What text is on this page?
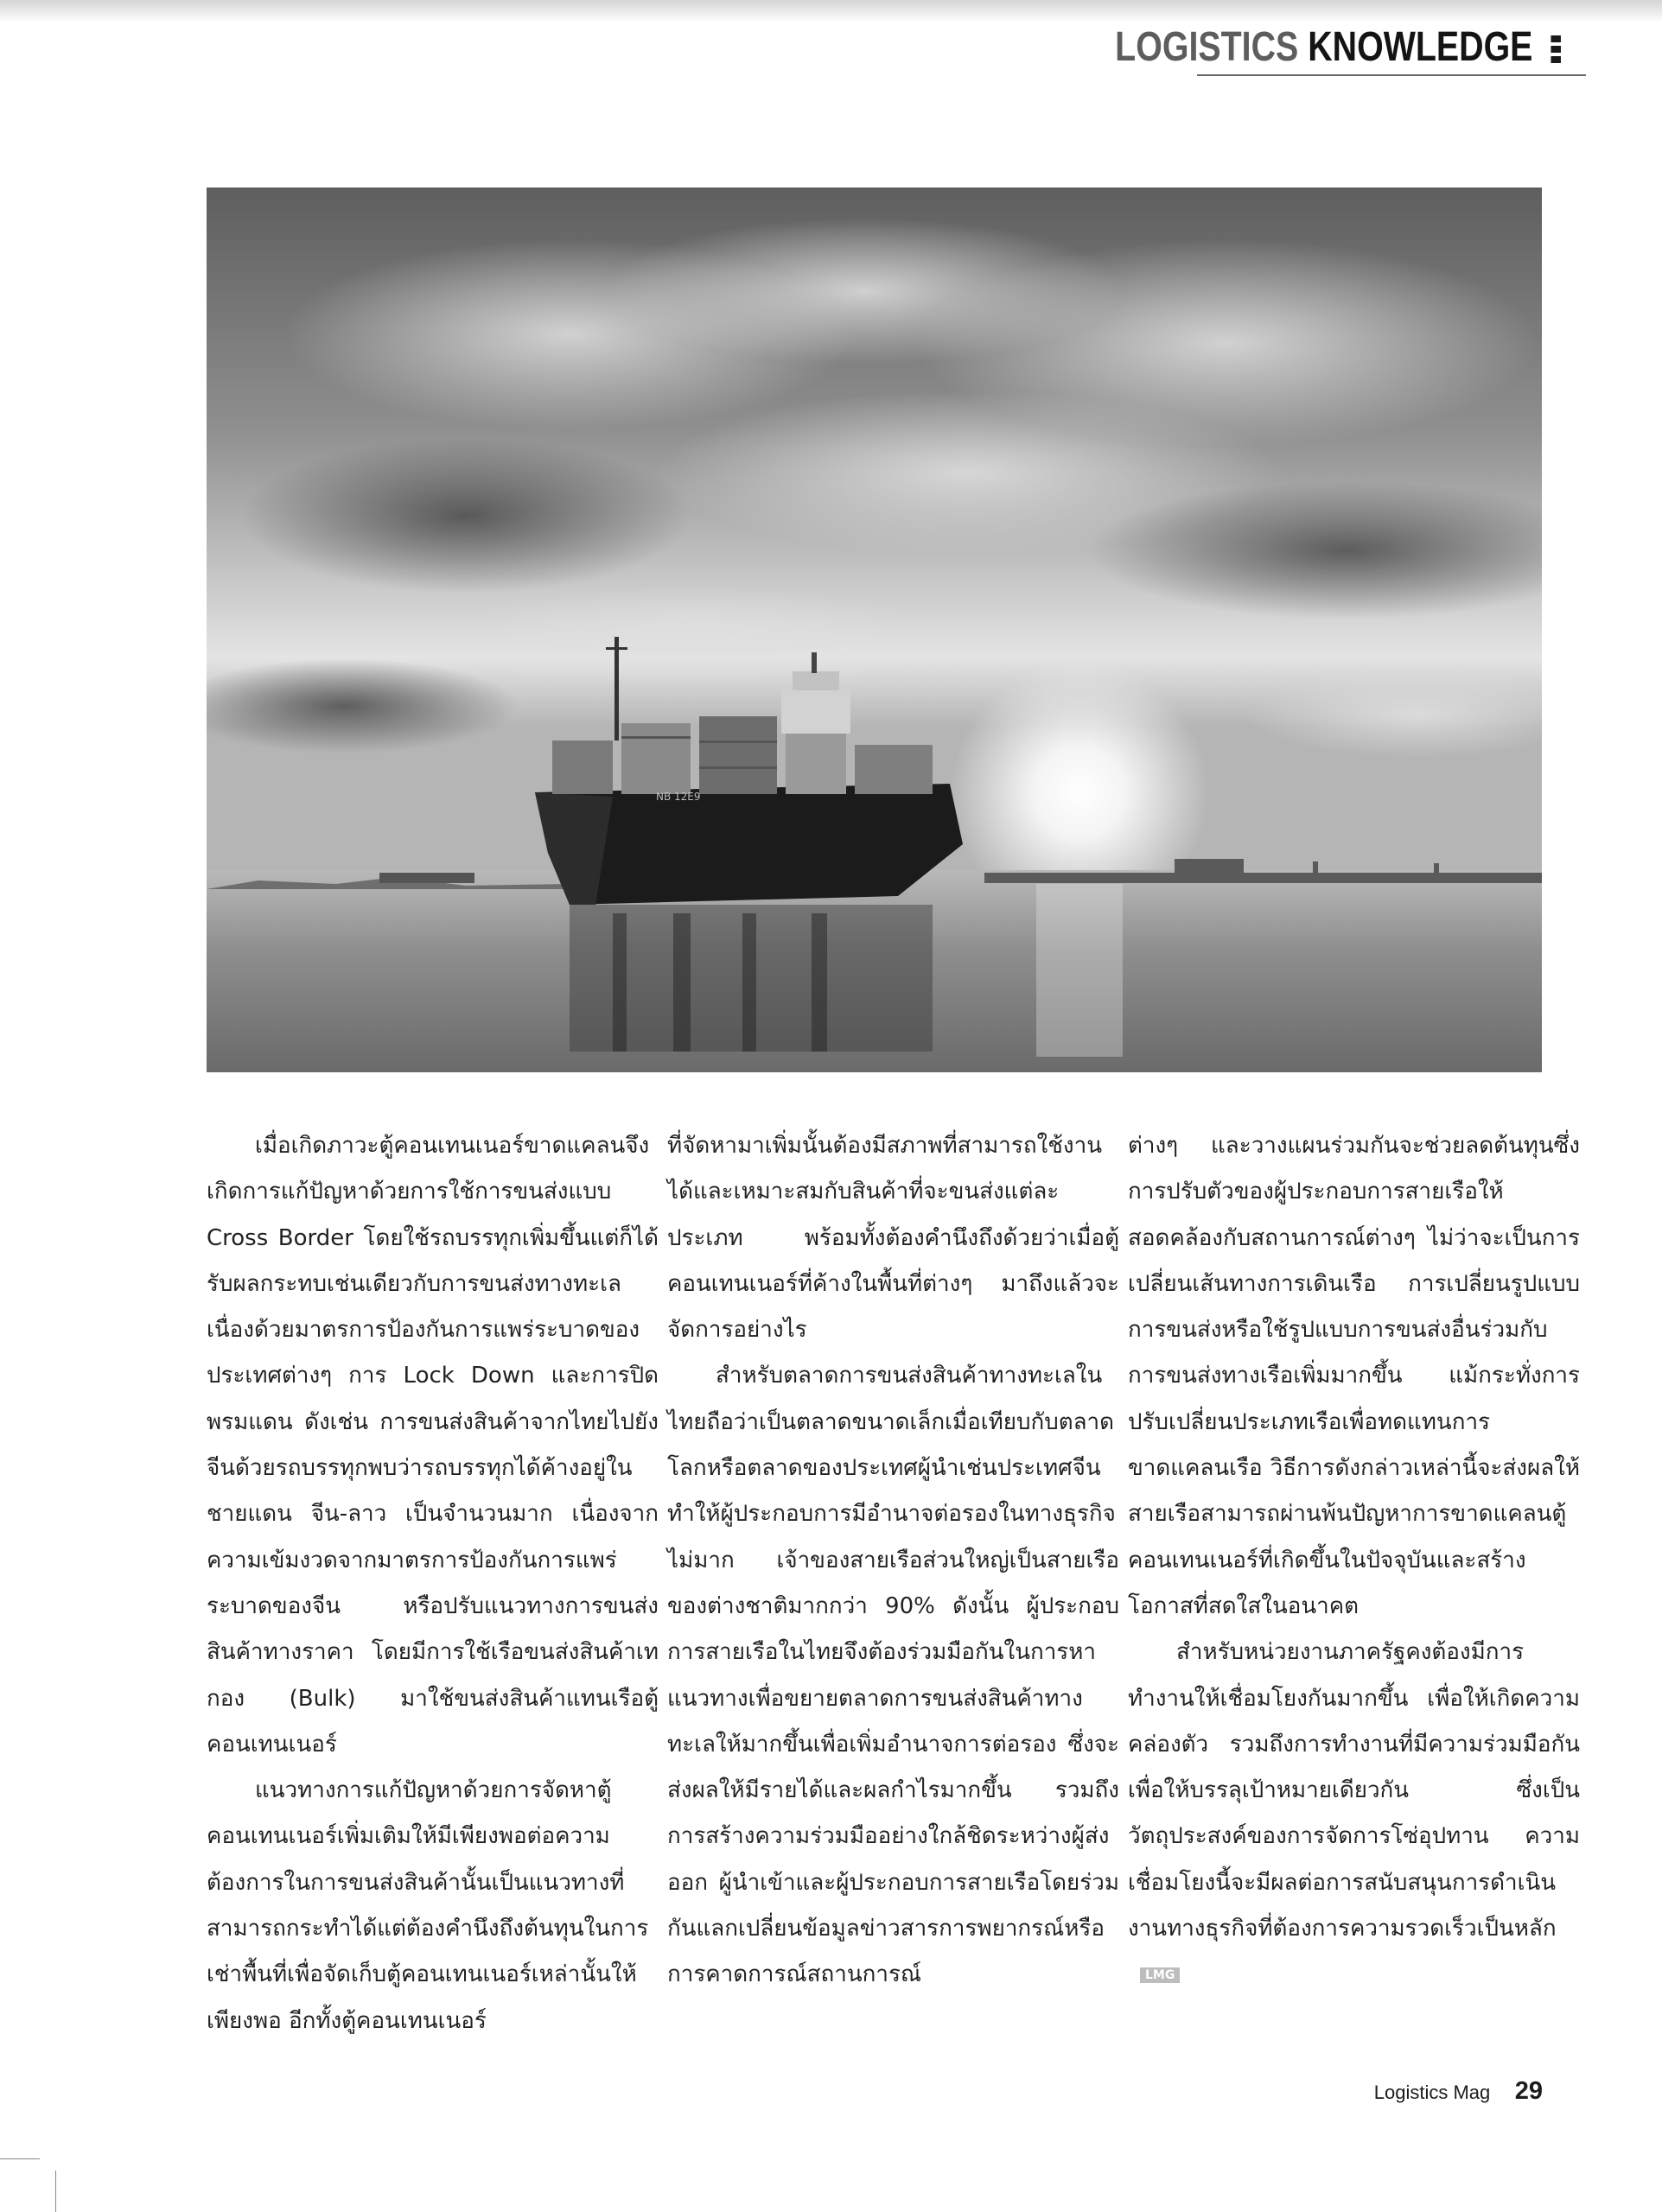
LOGISTICS KNOWLEDGE
NB 12E9

เมื่อเกิดภาวะตู้คอนเทนเนอร์ขาดแคลนจึงเกิดการแก้ปัญหาด้วยการใช้การขนส่งแบบ Cross Border โดยใช้รถบรรทุกเพิ่มขึ้นแต่ก็ได้รับผลกระทบเช่นเดียวกับการขนส่งทางทะเล เนื่องด้วยมาตรการป้องกันการแพร่ระบาดของประเทศต่างๆ การ Lock Down และการปิดพรมแดน ดังเช่น การขนส่งสินค้าจากไทยไปยังจีนด้วยรถบรรทุกพบว่ารถบรรทุกได้ค้างอยู่ในชายแดน จีน-ลาว เป็นจำนวนมาก เนื่องจากความเข้มงวดจากมาตรการป้องกันการแพร่ระบาดของจีน หรือปรับแนวทางการขนส่งสินค้าทางราคา โดยมีการใช้เรือขนส่งสินค้าเทกอง (Bulk) มาใช้ขนส่งสินค้าแทนเรือตู้คอนเทนเนอร์

แนวทางการแก้ปัญหาด้วยการจัดหาตู้คอนเทนเนอร์เพิ่มเติมให้มีเพียงพอต่อความต้องการในการขนส่งสินค้านั้นเป็นแนวทางที่สามารถกระทำได้แต่ต้องคำนึงถึงต้นทุนในการเช่าพื้นที่เพื่อจัดเก็บตู้คอนเทนเนอร์เหล่านั้นให้เพียงพอ อีกทั้งตู้คอนเทนเนอร์

ที่จัดหามาเพิ่มนั้นต้องมีสภาพที่สามารถใช้งานได้และเหมาะสมกับสินค้าที่จะขนส่งแต่ละประเภท พร้อมทั้งต้องคำนึงถึงด้วยว่าเมื่อตู้คอนเทนเนอร์ที่ค้างในพื้นที่ต่างๆ มาถึงแล้วจะจัดการอย่างไร

สำหรับตลาดการขนส่งสินค้าทางทะเลในไทยถือว่าเป็นตลาดขนาดเล็กเมื่อเทียบกับตลาดโลกหรือตลาดของประเทศผู้นำเช่นประเทศจีน ทำให้ผู้ประกอบการมีอำนาจต่อรองในทางธุรกิจไม่มาก เจ้าของสายเรือส่วนใหญ่เป็นสายเรือของต่างชาติมากกว่า 90% ดังนั้น ผู้ประกอบการสายเรือในไทยจึงต้องร่วมมือกันในการหาแนวทางเพื่อขยายตลาดการขนส่งสินค้าทางทะเลให้มากขึ้นเพื่อเพิ่มอำนาจการต่อรอง ซึ่งจะส่งผลให้มีรายได้และผลกำไรมากขึ้น รวมถึงการสร้างความร่วมมืออย่างใกล้ชิดระหว่างผู้ส่งออก ผู้นำเข้าและผู้ประกอบการสายเรือโดยร่วมกันแลกเปลี่ยนข้อมูลข่าวสารการพยากรณ์หรือการคาดการณ์สถานการณ์

ต่างๆ และวางแผนร่วมกันจะช่วยลดต้นทุนซึ่งการปรับตัวของผู้ประกอบการสายเรือให้สอดคล้องกับสถานการณ์ต่างๆ ไม่ว่าจะเป็นการเปลี่ยนเส้นทางการเดินเรือ การเปลี่ยนรูปแบบการขนส่งหรือใช้รูปแบบการขนส่งอื่นร่วมกับการขนส่งทางเรือเพิ่มมากขึ้น แม้กระทั่งการปรับเปลี่ยนประเภทเรือเพื่อทดแทนการขาดแคลนเรือ วิธีการดังกล่าวเหล่านี้จะส่งผลให้สายเรือสามารถผ่านพ้นปัญหาการขาดแคลนตู้คอนเทนเนอร์ที่เกิดขึ้นในปัจจุบันและสร้างโอกาสที่สดใสในอนาคต

สำหรับหน่วยงานภาครัฐคงต้องมีการทำงานให้เชื่อมโยงกันมากขึ้น เพื่อให้เกิดความคล่องตัว รวมถึงการทำงานที่มีความร่วมมือกัน เพื่อให้บรรลุเป้าหมายเดียวกัน ซึ่งเป็นวัตถุประสงค์ของการจัดการโซ่อุปทาน ความเชื่อมโยงนี้จะมีผลต่อการสนับสนุนการดำเนินงานทางธุรกิจที่ต้องการความรวดเร็วเป็นหลักLMG

Logistics Mag 29
